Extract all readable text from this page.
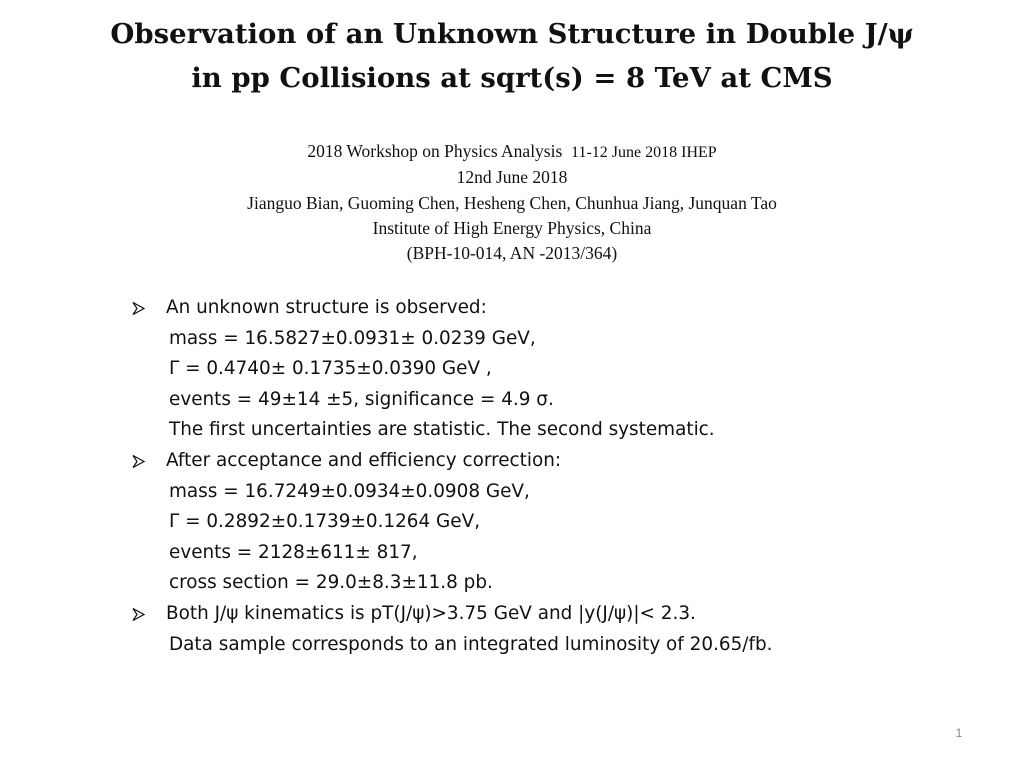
Observation of an Unknown Structure in Double J/ψ
in pp Collisions at sqrt(s) = 8 TeV at CMS
2018 Workshop on Physics Analysis 11-12 June 2018 IHEP
12nd June 2018
Jianguo Bian, Guoming Chen, Hesheng Chen, Chunhua Jiang, Junquan Tao
Institute of High Energy Physics, China
(BPH-10-014, AN -2013/364)
An unknown structure is observed:
mass = 16.5827±0.0931± 0.0239 GeV,
Γ = 0.4740± 0.1735±0.0390 GeV ,
events = 49±14 ±5, significance = 4.9 σ.
The first uncertainties are statistic. The second systematic.
After acceptance and efficiency correction:
mass = 16.7249±0.0934±0.0908 GeV,
Γ = 0.2892±0.1739±0.1264 GeV,
events = 2128±611± 817,
cross section = 29.0±8.3±11.8 pb.
Both J/ψ kinematics is pT(J/ψ)>3.75 GeV and |y(J/ψ)|< 2.3.
Data sample corresponds to an integrated luminosity of 20.65/fb.
1
